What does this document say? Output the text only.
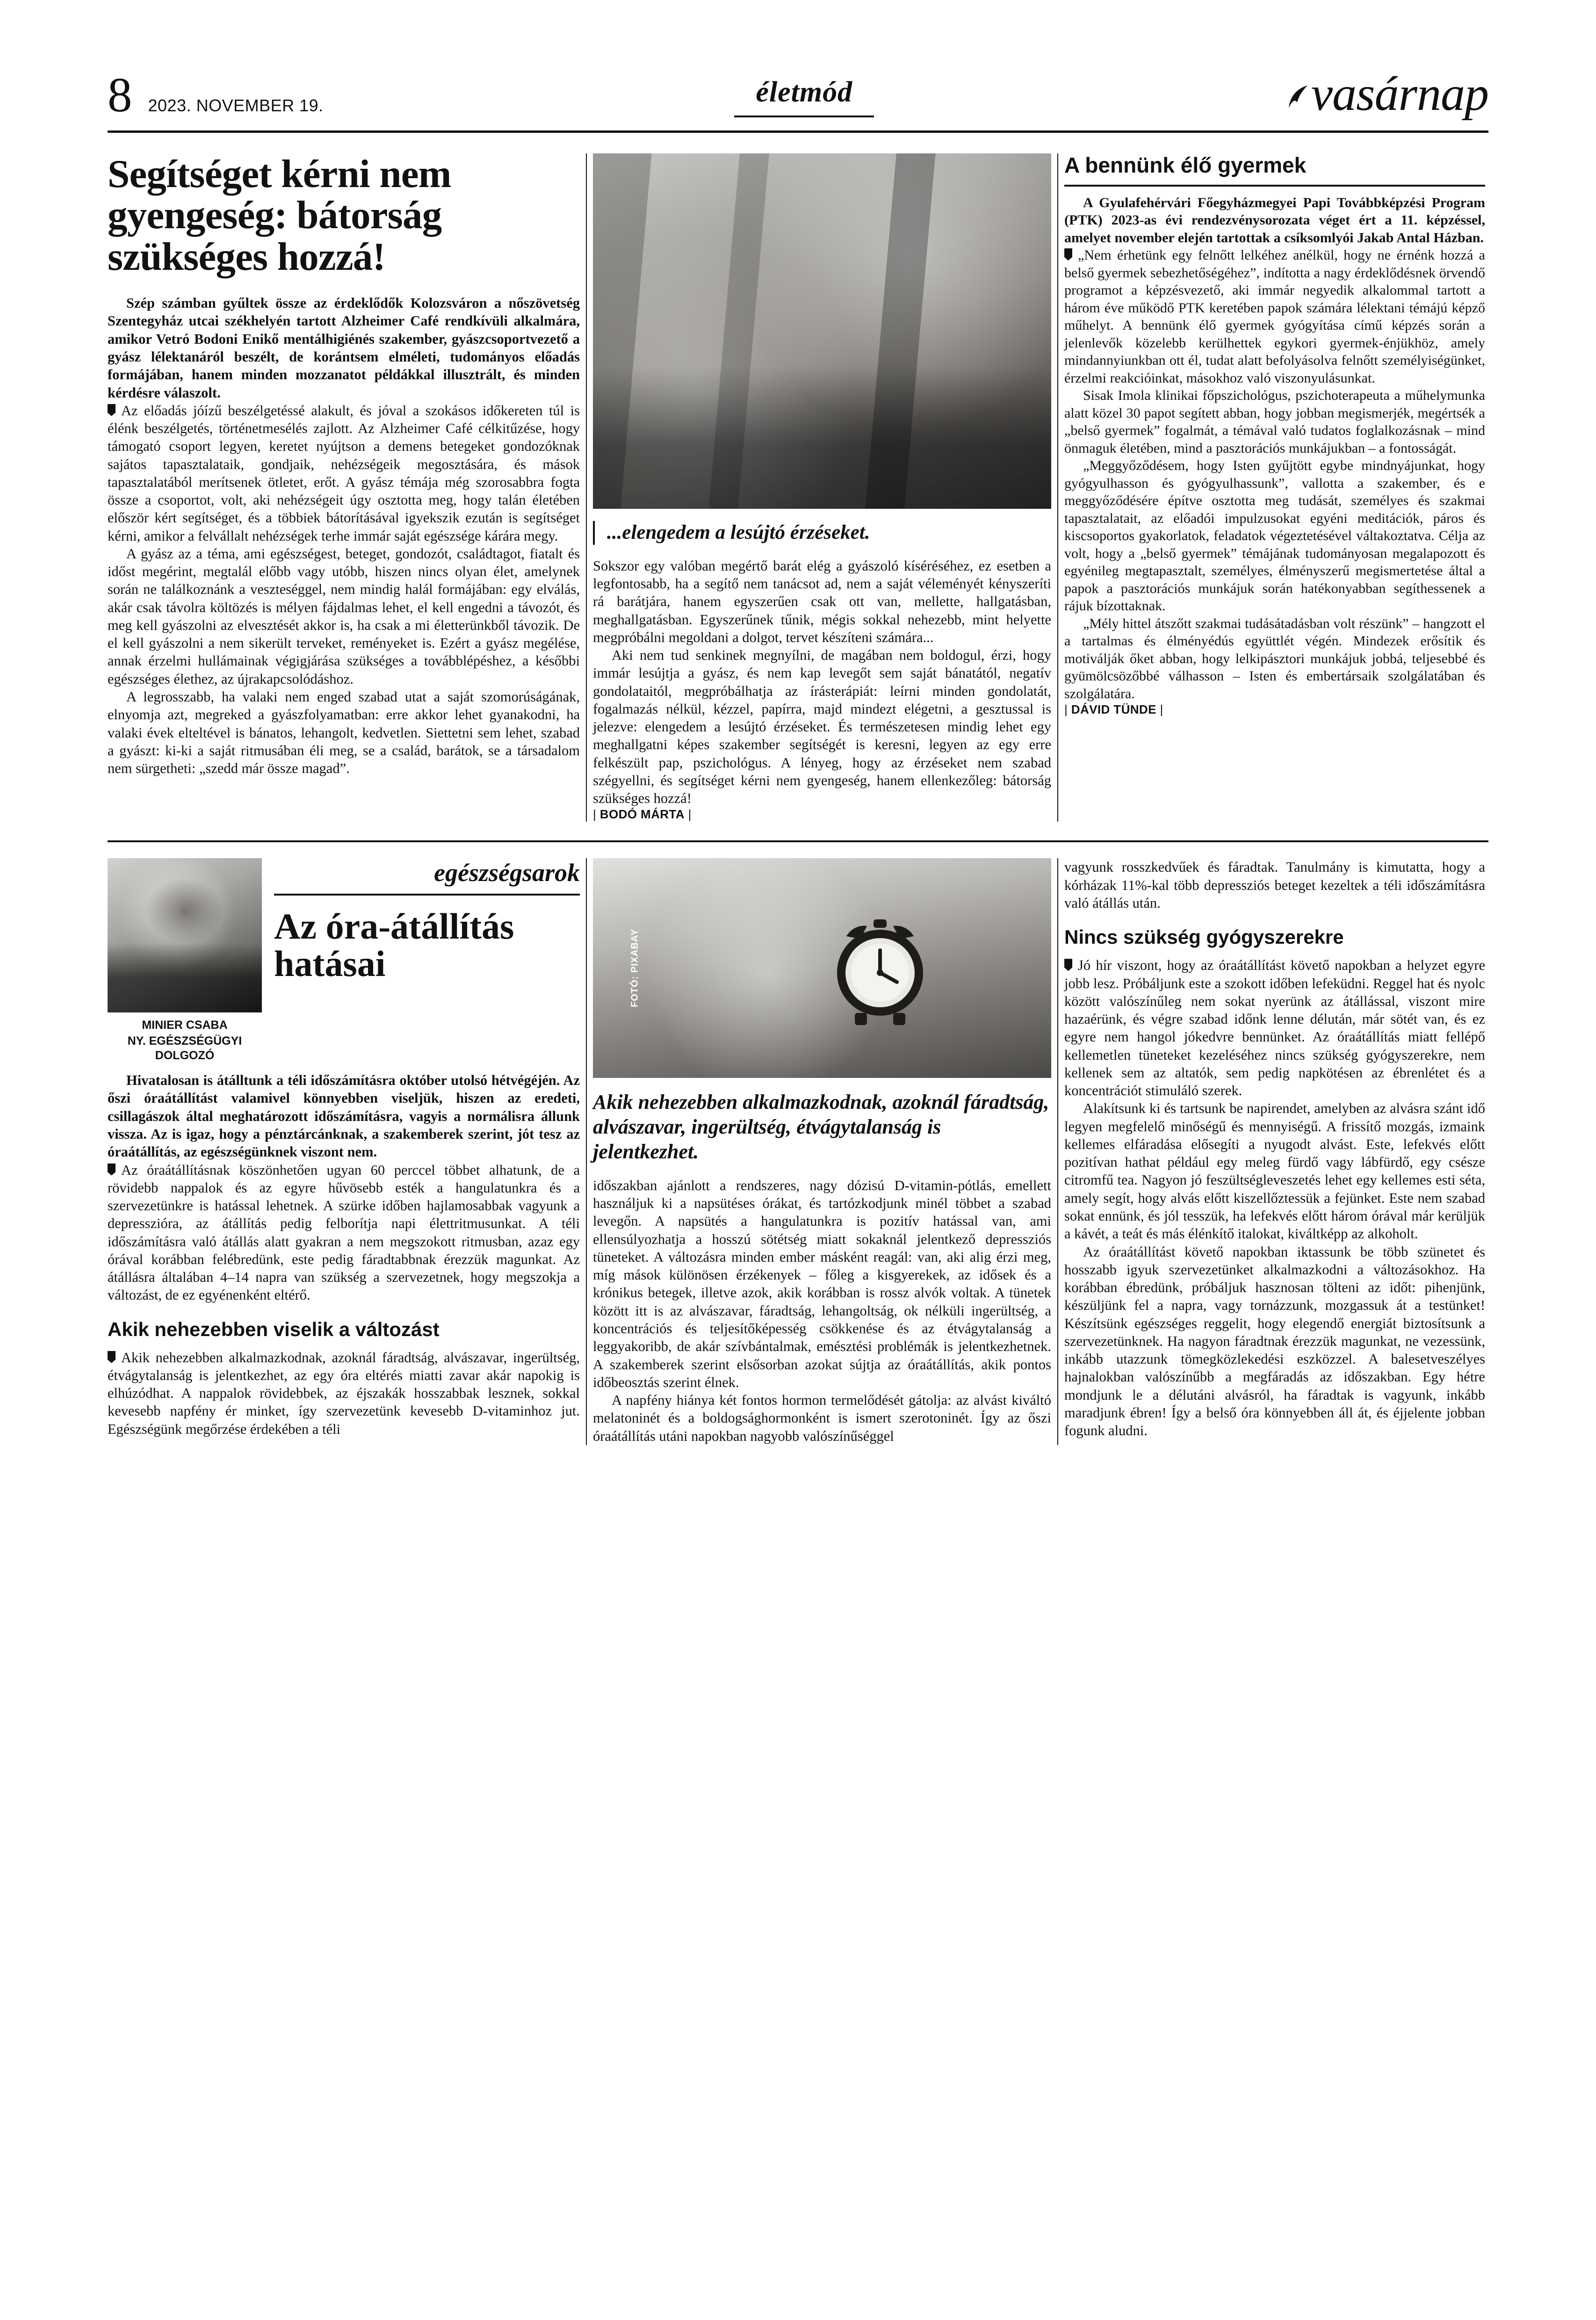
8 2023. NOVEMBER 19.	életmód	vasárnap
Segítséget kérni nem gyengeség: bátorság szükséges hozzá!

Szép számban gyűltek össze az érdeklődők Kolozsváron a nőszövetség Szentegyház utcai székhelyén tartott Alzheimer Café rendkívüli alkalmára, amikor Vetró Bodoni Enikő mentálhigiénés szakember, gyászcsoportvezető a gyász lélektanáról beszélt, de korántsem elméleti, tudományos előadás formájában, hanem minden mozzanatot példákkal illusztrált, és minden kérdésre válaszolt.

Az előadás jóízű beszélgetéssé alakult, és jóval a szokásos időkereten túl is élénk beszélgetés, történetmesélés zajlott. Az Alzheimer Café célkitűzése, hogy támogató csoport legyen, keretet nyújtson a demens betegeket gondozóknak sajátos tapasztalataik, gondjaik, nehézségeik megosztására, és mások tapasztalatából merítsenek ötletet, erőt. A gyász témája még szorosabbra fogta össze a csoportot, volt, aki nehézségeit úgy osztotta meg, hogy talán életében először kért segítséget, és a többiek bátorításával igyekszik ezután is segítséget kérni, amikor a felvállalt nehézségek terhe immár saját egészsége kárára megy.

A gyász az a téma, ami egészségest, beteget, gondozót, családtagot, fiatalt és időst megérint, megtalál előbb vagy utóbb, hiszen nincs olyan élet, amelynek során ne találkoznánk a veszteséggel, nem mindig halál formájában: egy elválás, akár csak távolra költözés is mélyen fájdalmas lehet, el kell engedni a távozót, és meg kell gyászolni az elvesztését akkor is, ha csak a mi életterünkből távozik. De el kell gyászolni a nem sikerült terveket, reményeket is. Ezért a gyász megélése, annak érzelmi hullámainak végigjárása szükséges a továbblépéshez, a későbbi egészséges élethez, az újrakapcsolódáshoz.

A legrosszabb, ha valaki nem enged szabad utat a saját szomorúságának, elnyomja azt, megreked a gyászfolyamatban: erre akkor lehet gyanakodni, ha valaki évek elteltével is bánatos, lehangolt, kedvetlen. Siettetni sem lehet, szabad a gyászt: ki-ki a saját ritmusában éli meg, se a család, barátok, se a társadalom nem sürgetheti: „szedd már össze magad”.

...elengedem a lesújtó érzéseket.

Sokszor egy valóban megértő barát elég a gyászoló kíséréséhez, ez esetben a legfontosabb, ha a segítő nem tanácsot ad, nem a saját véleményét kényszeríti rá barátjára, hanem egyszerűen csak ott van, mellette, hallgatásban, meghallgatásban. Egyszerűnek tűnik, mégis sokkal nehezebb, mint helyette megpróbálni megoldani a dolgot, tervet készíteni számára...

Aki nem tud senkinek megnyílni, de magában nem boldogul, érzi, hogy immár lesújtja a gyász, és nem kap levegőt sem saját bánatától, negatív gondolataitól, megpróbálhatja az írásterápiát: leírni minden gondolatát, fogalmazás nélkül, kézzel, papírra, majd mindezt elégetni, a gesztussal is jelezve: elengedem a lesújtó érzéseket. És természetesen mindig lehet egy meghallgatni képes szakember segítségét is keresni, legyen az egy erre felkészült pap, pszichológus. A lényeg, hogy az érzéseket nem szabad szégyellni, és segítséget kérni nem gyengeség, hanem ellenkezőleg: bátorság szükséges hozzá!

| BODÓ MÁRTA |
A bennünk élő gyermek

A Gyulafehérvári Főegyházmegyei Papi Továbbképzési Program (PTK) 2023-as évi rendezvénysorozata véget ért a 11. képzéssel, amelyet november elején tartottak a csíksomlyói Jakab Antal Házban.

„Nem érhetünk egy felnőtt lelkéhez anélkül, hogy ne érnénk hozzá a belső gyermek sebezhetőségéhez”, indította a nagy érdeklődésnek örvendő programot a képzésvezető, aki immár negyedik alkalommal tartott a három éve működő PTK keretében papok számára lélektani témájú képző műhelyt. A bennünk élő gyermek gyógyítása című képzés során a jelenlevők közelebb kerülhettek egykori gyermek-énjükhöz, amely mindannyiunkban ott él, tudat alatt befolyásolva felnőtt személyiségünket, érzelmi reakcióinkat, másokhoz való viszonyulásunkat.

Sisak Imola klinikai főpszichológus, pszichoterapeuta a műhelymunka alatt közel 30 papot segített abban, hogy jobban megismerjék, megértsék a „belső gyermek” fogalmát, a témával való tudatos foglalkozásnak – mind önmaguk életében, mind a pasztorációs munkájukban – a fontosságát.

„Meggyőződésem, hogy Isten gyűjtött egybe mindnyájunkat, hogy gyógyulhasson és gyógyulhassunk”, vallotta a szakember, és e meggyőződésére építve osztotta meg tudását, személyes és szakmai tapasztalatait, az előadói impulzusokat egyéni meditációk, páros és kiscsoportos gyakorlatok, feladatok végeztetésével váltakoztatva. Célja az volt, hogy a „belső gyermek” témájának tudományosan megalapozott és egyénileg megtapasztalt, személyes, élményszerű megismertetése által a papok a pasztorációs munkájuk során hatékonyabban segíthessenek a rájuk bízottaknak.

„Mély hittel átszőtt szakmai tudásátadásban volt részünk” – hangzott el a tartalmas és élményédús együttlét végén. Mindezek erősítik és motiválják őket abban, hogy lelkipásztori munkájuk jobbá, teljesebbé és gyümölcsözőbbé válhasson – Isten és embertársaik szolgálatában és szolgálatára.

| DÁVID TÜNDE |
MINIER CSABA
NY. EGÉSZSÉGÜGYI DOLGOZÓ
egészségsarok
Az óra-átállítás hatásai

Hivatalosan is átálltunk a téli időszámításra október utolsó hétvégéjén. Az őszi óraátállítást valamivel könnyebben viseljük, hiszen az eredeti, csillagászok által meghatározott időszámításra, vagyis a normálisra állunk vissza. Az is igaz, hogy a pénztárcánknak, a szakemberek szerint, jót tesz az óraátállítás, az egészségünknek viszont nem.

Az óraátállításnak köszönhetően ugyan 60 perccel többet alhatunk, de a rövidebb nappalok és az egyre hűvösebb esték a hangulatunkra és a szervezetünkre is hatással lehetnek. A szürke időben hajlamosabbak vagyunk a depresszióra, az átállítás pedig felborítja napi élettritmusunkat. A téli időszámításra való átállás alatt gyakran a nem megszokott ritmusban, azaz egy órával korábban felébredünk, este pedig fáradtabbnak érezzük magunkat. Az átállásra általában 4–14 napra van szükség a szervezetnek, hogy megszokja a változást, de ez egyénenként eltérő.

Akik nehezebben viselik a változást

Akik nehezebben alkalmazkodnak, azoknál fáradtság, alvászavar, ingerültség, étvágytalanság is jelentkezhet, az egy óra eltérés miatti zavar akár napokig is elhúzódhat. A nappalok rövidebbek, az éjszakák hosszabbak lesznek, sokkal kevesebb napfény ér minket, így szervezetünk kevesebb D-vitaminhoz jut. Egészségünk megőrzése érdekében a téli

FOTÓ: PIXABAY
Akik nehezebben alkalmazkodnak, azoknál fáradtság, alvászavar, ingerültség, étvágytalanság is jelentkezhet.

időszakban ajánlott a rendszeres, nagy dózisú D-vitamin-pótlás, emellett használjuk ki a napsütéses órákat, és tartózkodjunk minél többet a szabad levegőn. A napsütés a hangulatunkra is pozitív hatással van, ami ellensúlyozhatja a hosszú sötétség miatt sokaknál jelentkező depressziós tüneteket. A változásra minden ember másként reagál: van, aki alig érzi meg, míg mások különösen érzékenyek – főleg a kisgyerekek, az idősek és a krónikus betegek, illetve azok, akik korábban is rossz alvók voltak. A tünetek között itt is az alvászavar, fáradtság, lehangoltság, ok nélküli ingerültség, a koncentrációs és teljesítőképesség csökkenése és az étvágytalanság a leggyakoribb, de akár szívbántalmak, emésztési problémák is jelentkezhetnek. A szakemberek szerint elsősorban azokat sújtja az óraátállítás, akik pontos időbeosztás szerint élnek.

A napfény hiánya két fontos hormon termelődését gátolja: az alvást kiváltó melatoninét és a boldogsághormonként is ismert szerotoninét. Így az őszi óraátállítás utáni napokban nagyobb valószínűséggel

vagyunk rosszkedvűek és fáradtak. Tanulmány is kimutatta, hogy a kórházak 11%-kal több depressziós beteget kezeltek a téli időszámításra való átállás után.

Nincs szükség gyógyszerekre

Jó hír viszont, hogy az óraátállítást követő napokban a helyzet egyre jobb lesz. Próbáljunk este a szokott időben lefeküdni. Reggel hat és nyolc között valószínűleg nem sokat nyerünk az átállással, viszont mire hazaérünk, és végre szabad időnk lenne délután, már sötét van, és ez egyre nem hangol jókedvre bennünket. Az óraátállítás miatt fellépő kellemetlen tüneteket kezeléséhez nincs szükség gyógyszerekre, nem kellenek sem az altatók, sem pedig napkötésen az ébrenlétet és a koncentrációt stimuláló szerek.

Alakítsunk ki és tartsunk be napirendet, amelyben az alvásra szánt idő legyen megfelelő minőségű és mennyiségű. A frissítő mozgás, izmaink kellemes elfáradása elősegíti a nyugodt alvást. Este, lefekvés előtt pozitívan hathat például egy meleg fürdő vagy lábfürdő, egy csésze citromfű tea. Nagyon jó feszültségleveszetés lehet egy kellemes esti séta, amely segít, hogy alvás előtt kiszellőztessük a fejünket. Este nem szabad sokat ennünk, és jól tesszük, ha lefekvés előtt három órával már kerüljük a kávét, a teát és más élénkítő italokat, kiváltképp az alkoholt.

Az óraátállítást követő napokban iktassunk be több szünetet és hosszabb igyuk szervezetünket alkalmazkodni a változásokhoz. Ha korábban ébredünk, próbáljuk hasznosan tölteni az időt: pihenjünk, készüljünk fel a napra, vagy tornázzunk, mozgassuk át a testünket! Készítsünk egészséges reggelit, hogy elegendő energiát biztosítsunk a szervezetünknek. Ha nagyon fáradtnak érezzük magunkat, ne vezessünk, inkább utazzunk tömegközlekedési eszközzel. A balesetveszélyes hajnalokban valószínűbb a megfáradás az időszakban. Egy hétre mondjunk le a délutáni alvásról, ha fáradtak is vagyunk, inkább maradjunk ébren! Így a belső óra könnyebben áll át, és éjjelente jobban fogunk aludni.
